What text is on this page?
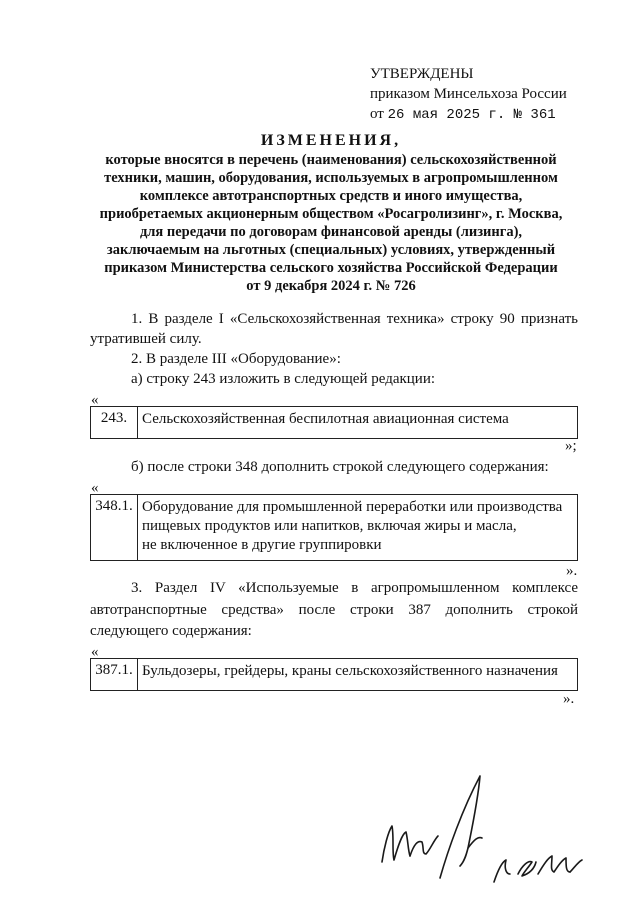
УТВЕРЖДЕНЫ
приказом Минсельхоза России
от 26 мая 2025 г. № 361
ИЗМЕНЕНИЯ,
которые вносятся в перечень (наименования) сельскохозяйственной
техники, машин, оборудования, используемых в агропромышленном
комплексе автотранспортных средств и иного имущества,
приобретаемых акционерным обществом «Росагролизинг», г. Москва,
для передачи по договорам финансовой аренды (лизинга),
заключаемым на льготных (специальных) условиях, утвержденный
приказом Министерства сельского хозяйства Российской Федерации
от 9 декабря 2024 г. № 726
1. В разделе I «Сельскохозяйственная техника» строку 90 признать
утратившей силу.
2. В разделе III «Оборудование»:
а) строку 243 изложить в следующей редакции:
«
243.	Сельскохозяйственная беспилотная авиационная система
»;
б) после строки 348 дополнить строкой следующего содержания:
«
348.1.	Оборудование для промышленной переработки или производства
пищевых продуктов или напитков, включая жиры и масла,
не включенное в другие группировки
».
3. Раздел IV «Используемые в агропромышленном комплексе
автотранспортные средства» после строки 387 дополнить строкой
следующего содержания:
«
387.1.	Бульдозеры, грейдеры, краны сельскохозяйственного назначения
».
